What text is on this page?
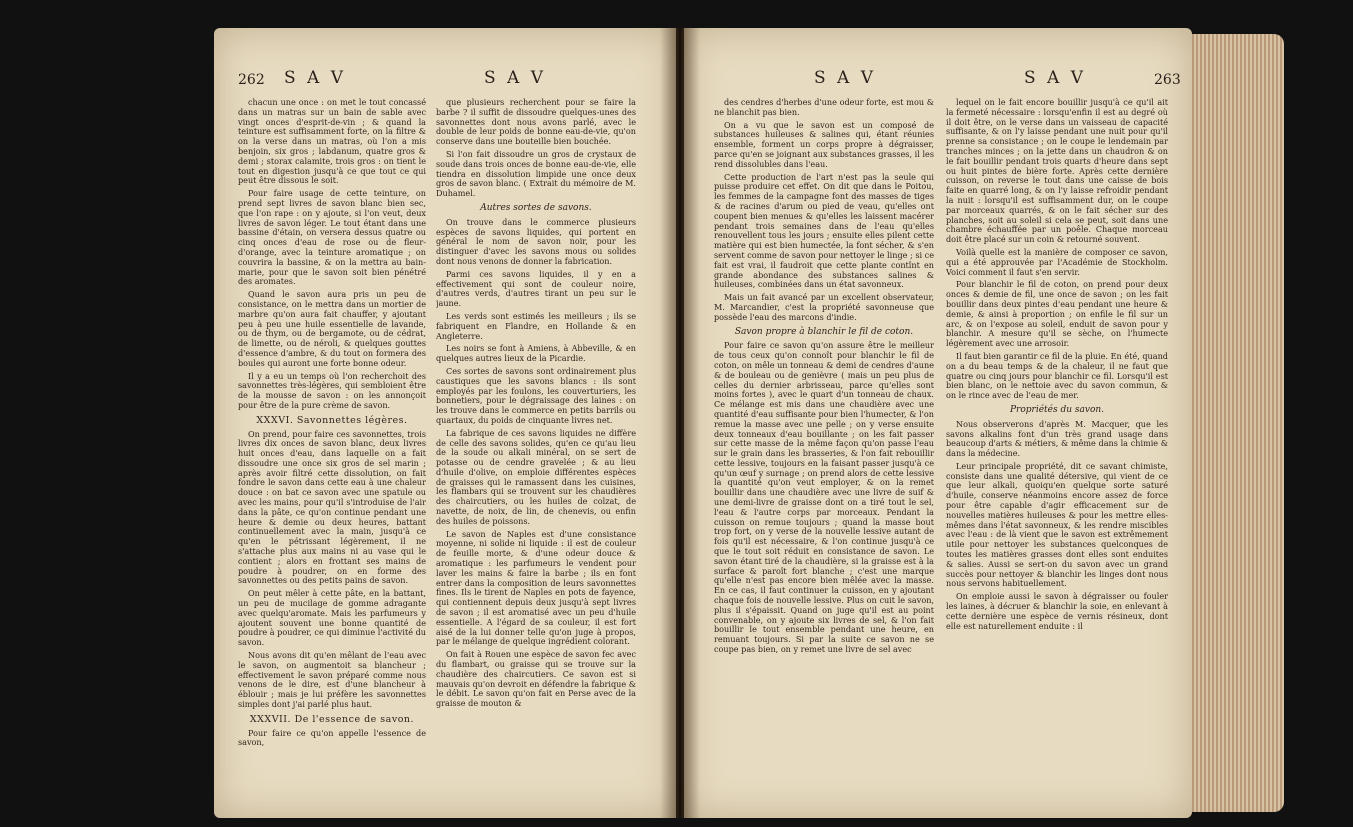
262 S A V	S A V

chacun une once : on met le tout concassé dans un matras sur un bain de sable avec vingt onces d'esprit-de-vin ; & quand la teinture est suffisamment forte, on la filtre & on la verse dans un matras, où l'on a mis benjoin, six gros ; labdanum, quatre gros & demi ; storax calamite, trois gros : on tient le tout en digestion jusqu'à ce que tout ce qui peut être dissous le soit.

Pour faire usage de cette teinture, on prend sept livres de savon blanc bien sec, que l'on rape : on y ajoute, si l'on veut, deux livres de savon léger. Le tout étant dans une bassine d'étain, on versera dessus quatre ou cinq onces d'eau de rose ou de fleur-d'orange, avec la teinture aromatique ; on couvrira la bassine, & on la mettra au bain-marie, pour que le savon soit bien pénétré des aromates.

Quand le savon aura pris un peu de consistance, on le mettra dans un mortier de marbre qu'on aura fait chauffer, y ajoutant peu à peu une huile essentielle de lavande, ou de thym, ou de bergamote, ou de cédrat, de limette, ou de néroli, & quelques gouttes d'essence d'ambre, & du tout on formera des boules qui auront une forte bonne odeur.

Il y a eu un temps où l'on recherchoit des savonnettes très-légères, qui sembloient être de la mousse de savon : on les annonçoit pour être de la pure crème de savon.

XXXVI. Savonnettes légères.

On prend, pour faire ces savonnettes, trois livres dix onces de savon blanc, deux livres huit onces d'eau, dans laquelle on a fait dissoudre une once six gros de sel marin ; après avoir filtré cette dissolution, on fait fondre le savon dans cette eau à une chaleur douce : on bat ce savon avec une spatule ou avec les mains, pour qu'il s'introduise de l'air dans la pâte, ce qu'on continue pendant une heure & demie ou deux heures, battant continuellement avec la main, jusqu'à ce qu'en le pétrissant légèrement, il ne s'attache plus aux mains ni au vase qui le contient ; alors en frottant ses mains de poudre à poudrer, on en forme des savonnettes ou des petits pains de savon.

On peut mêler à cette pâte, en la battant, un peu de mucilage de gomme adragante avec quelqu'aromate. Mais les parfumeurs y ajoutent souvent une bonne quantité de poudre à poudrer, ce qui diminue l'activité du savon.

Nous avons dit qu'en mêlant de l'eau avec le savon, on augmentoit sa blancheur ; effectivement le savon préparé comme nous venons de le dire, est d'une blancheur à éblouir ; mais je lui préfère les savonnettes simples dont j'ai parlé plus haut.

XXXVII. De l'essence de savon.

Pour faire ce qu'on appelle l'essence de savon,

que plusieurs recherchent pour se faire la barbe ? il suffit de dissoudre quelques-unes des savonnettes dont nous avons parlé, avec le double de leur poids de bonne eau-de-vie, qu'on conserve dans une bouteille bien bouchée.

Si l'on fait dissoudre un gros de crystaux de soude dans trois onces de bonne eau-de-vie, elle tiendra en dissolution limpide une once deux gros de savon blanc. ( Extrait du mémoire de M. Duhamel.

Autres sortes de savons.

On trouve dans le commerce plusieurs espèces de savons liquides, qui portent en général le nom de savon noir, pour les distinguer d'avec les savons mous ou solides dont nous venons de donner la fabrication.

Parmi ces savons liquides, il y en a effectivement qui sont de couleur noire, d'autres verds, d'autres tirant un peu sur le jaune.

Les verds sont estimés les meilleurs ; ils se fabriquent en Flandre, en Hollande & en Angleterre.

Les noirs se font à Amiens, à Abbeville, & en quelques autres lieux de la Picardie.

Ces sortes de savons sont ordinairement plus caustiques que les savons blancs : ils sont employés par les foulons, les couverturiers, les bonnetiers, pour le dégraissage des laines : on les trouve dans le commerce en petits barrils ou quartaux, du poids de cinquante livres net.

La fabrique de ces savons liquides ne diffère de celle des savons solides, qu'en ce qu'au lieu de la soude ou alkali minéral, on se sert de potasse ou de cendre gravelée ; & au lieu d'huile d'olive, on emploie différentes espèces de graisses qui le ramassent dans les cuisines, les flambars qui se trouvent sur les chaudières des chaircutiers, ou les huiles de colzat, de navette, de noix, de lin, de chenevis, ou enfin des huiles de poissons.

Le savon de Naples est d'une consistance moyenne, ni solide ni liquide : il est de couleur de feuille morte, & d'une odeur douce & aromatique : les parfumeurs le vendent pour laver les mains & faire la barbe ; ils en font entrer dans la composition de leurs savonnettes fines. Ils le tirent de Naples en pots de fayence, qui contiennent depuis deux jusqu'à sept livres de savon ; il est aromatisé avec un peu d'huile essentielle. A l'égard de sa couleur, il est fort aisé de la lui donner telle qu'on juge à propos, par le mélange de quelque ingrédient colorant.

On fait à Rouen une espèce de savon fec avec du flambart, ou graisse qui se trouve sur la chaudière des chaircutiers. Ce savon est si mauvais qu'on devroit en défendre la fabrique & le débit. Le savon qu'on fait en Perse avec de la graisse de mouton &

S A V	S A V	263

des cendres d'herbes d'une odeur forte, est mou & ne blanchit pas bien.

On a vu que le savon est un composé de substances huileuses & salines qui, étant réunies ensemble, forment un corps propre à dégraisser, parce qu'en se joignant aux substances grasses, il les rend dissolubles dans l'eau.

Cette production de l'art n'est pas la seule qui puisse produire cet effet. On dit que dans le Poitou, les femmes de la campagne font des masses de tiges & de racines d'arum ou pied de veau, qu'elles ont coupent bien menues & qu'elles les laissent macérer pendant trois semaines dans de l'eau qu'elles renouvellent tous les jours ; ensuite elles pilent cette matière qui est bien humectée, la font sécher, & s'en servent comme de savon pour nettoyer le linge ; si ce fait est vrai, il faudroit que cette plante contînt en grande abondance des substances salines & huileuses, combinées dans un état savonneux.

Mais un fait avancé par un excellent observateur, M. Marcandier, c'est la propriété savonneuse que possède l'eau des marcons d'indie.

Savon propre à blanchir le fil de coton.

Pour faire ce savon qu'on assure être le meilleur de tous ceux qu'on connoît pour blanchir le fil de coton, on mêle un tonneau & demi de cendres d'aune & de bouleau ou de genièvre ( mais un peu plus de celles du dernier arbrisseau, parce qu'elles sont moins fortes ), avec le quart d'un tonneau de chaux. Ce mélange est mis dans une chaudière avec une quantité d'eau suffisante pour bien l'humecter, & l'on remue la masse avec une pelle ; on y verse ensuite deux tonneaux d'eau bouillante ; on les fait passer sur cette masse de la même façon qu'on passe l'eau sur le grain dans les brasseries, & l'on fait rebouillir cette lessive, toujours en la faisant passer jusqu'à ce qu'un œuf y surnage ; on prend alors de cette lessive la quantité qu'on veut employer, & on la remet bouillir dans une chaudière avec une livre de suif & une demi-livre de graisse dont on a tiré tout le sel, l'eau & l'autre corps par morceaux. Pendant la cuisson on remue toujours ; quand la masse bout trop fort, on y verse de la nouvelle lessive autant de fois qu'il est nécessaire, & l'on continue jusqu'à ce que le tout soit réduit en consistance de savon. Le savon étant tiré de la chaudière, si la graisse est à la surface & paroît fort blanche ; c'est une marque qu'elle n'est pas encore bien mêlée avec la masse. En ce cas, il faut continuer la cuisson, en y ajoutant chaque fois de nouvelle lessive. Plus on cuit le savon, plus il s'épaissit. Quand on juge qu'il est au point convenable, on y ajoute six livres de sel, & l'on fait bouillir le tout ensemble pendant une heure, en remuant toujours. Si par la suite ce savon ne se coupe pas bien, on y remet une livre de sel avec

lequel on le fait encore bouillir jusqu'à ce qu'il ait la fermeté nécessaire : lorsqu'enfin il est au degré où il doit être, on le verse dans un vaisseau de capacité suffisante, & on l'y laisse pendant une nuit pour qu'il prenne sa consistance ; on le coupe le lendemain par tranches minces ; on la jette dans un chaudron & on le fait bouillir pendant trois quarts d'heure dans sept ou huit pintes de bière forte. Après cette dernière cuisson, on reverse le tout dans une caisse de bois faite en quarré long, & on l'y laisse refroidir pendant la nuit : lorsqu'il est suffisamment dur, on le coupe par morceaux quarrés, & on le fait sécher sur des planches, soit au soleil si cela se peut, soit dans une chambre échauffée par un poêle. Chaque morceau doit être placé sur un coin & retourné souvent.

Voilà quelle est la manière de composer ce savon, qui a été approuvée par l'Académie de Stockholm. Voici comment il faut s'en servir.

Pour blanchir le fil de coton, on prend pour deux onces & demie de fil, une once de savon ; on les fait bouillir dans deux pintes d'eau pendant une heure & demie, & ainsi à proportion ; on enfile le fil sur un arc, & on l'expose au soleil, enduit de savon pour y blanchir. A mesure qu'il se sèche, on l'humecte légèrement avec une arrosoir.

Il faut bien garantir ce fil de la pluie. En été, quand on a du beau temps & de la chaleur, il ne faut que quatre ou cinq jours pour blanchir ce fil. Lorsqu'il est bien blanc, on le nettoie avec du savon commun, & on le rince avec de l'eau de mer.

Propriétés du savon.

Nous observerons d'après M. Macquer, que les savons alkalins font d'un très grand usage dans beaucoup d'arts & métiers, & même dans la chimie & dans la médecine.

Leur principale propriété, dit ce savant chimiste, consiste dans une qualité détersive, qui vient de ce que leur alkali, quoiqu'en quelque sorte saturé d'huile, conserve néanmoins encore assez de force pour être capable d'agir efficacement sur de nouvelles matières huileuses & pour les mettre elles-mêmes dans l'état savonneux, & les rendre miscibles avec l'eau : de là vient que le savon est extrêmement utile pour nettoyer les substances quelconques de toutes les matières grasses dont elles sont enduites & salies. Aussi se sert-on du savon avec un grand succès pour nettoyer & blanchir les linges dont nous nous servons habituellement.

On emploie aussi le savon à dégraisser ou fouler les laines, à décruer & blanchir la soie, en enlevant à cette dernière une espèce de vernis résineux, dont elle est naturellement enduite : il
